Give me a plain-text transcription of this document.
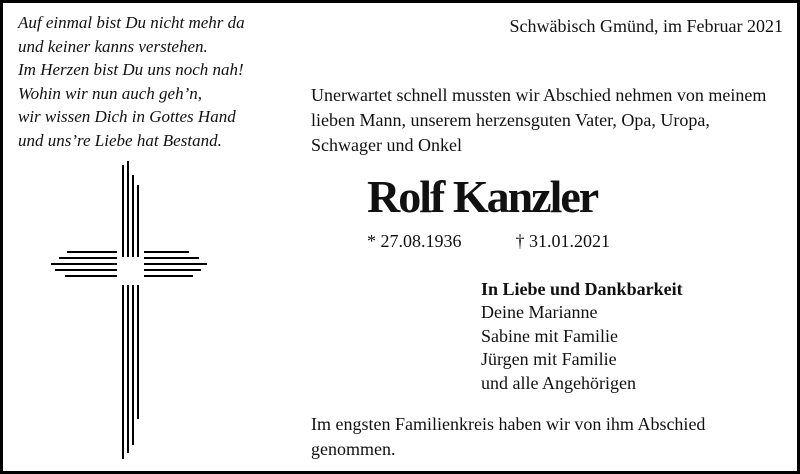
Auf einmal bist Du nicht mehr da
und keiner kanns verstehen.
Im Herzen bist Du uns noch nah!
Wohin wir nun auch geh’n,
wir wissen Dich in Gottes Hand
und uns’re Liebe hat Bestand.
Schwäbisch Gmünd, im Februar 2021
Unerwartet schnell mussten wir Abschied nehmen von meinem
lieben Mann, unserem herzensguten Vater, Opa, Uropa,
Schwager und Onkel
Rolf Kanzler
* 27.08.1936	† 31.01.2021
In Liebe und Dankbarkeit
Deine Marianne
Sabine mit Familie
Jürgen mit Familie
und alle Angehörigen
Im engsten Familienkreis haben wir von ihm Abschied
genommen.
